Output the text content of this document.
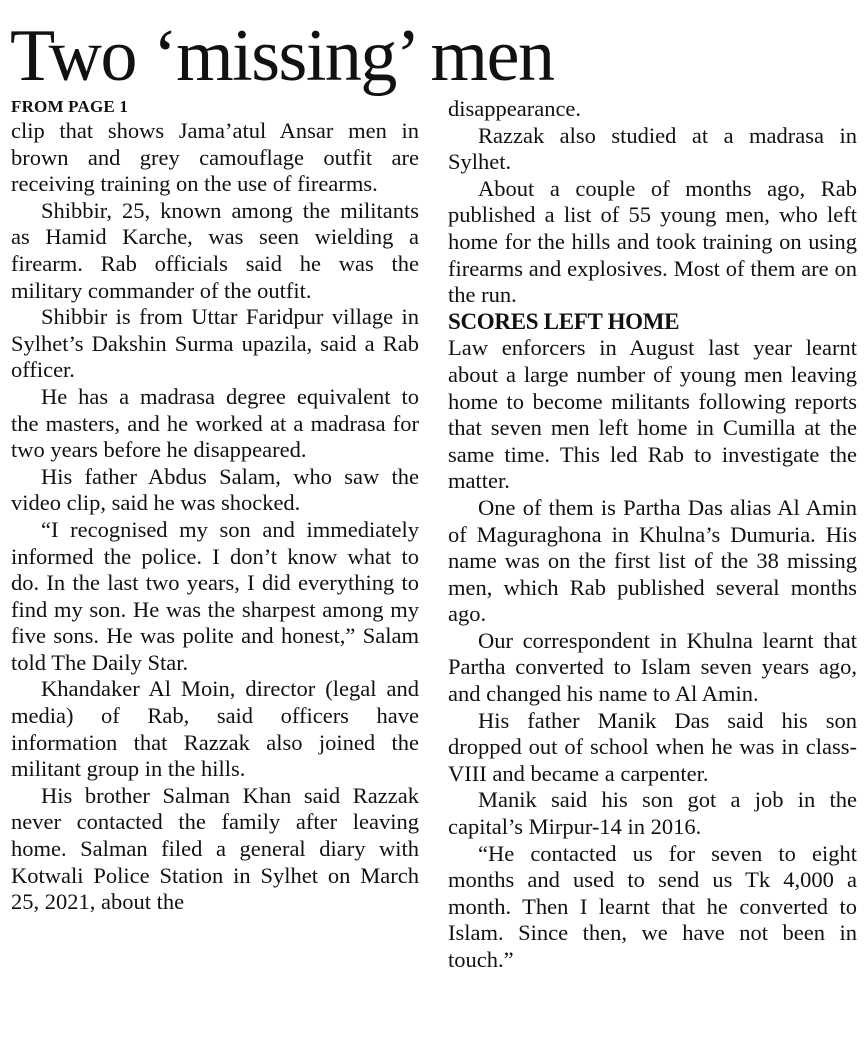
Two ‘missing’ men

FROM PAGE 1

clip that shows Jama’atul Ansar men in brown and grey camouflage outfit are receiving training on the use of firearms.

Shibbir, 25, known among the militants as Hamid Karche, was seen wielding a firearm. Rab officials said he was the military commander of the outfit.

Shibbir is from Uttar Faridpur village in Sylhet’s Dakshin Surma upazila, said a Rab officer.

He has a madrasa degree equivalent to the masters, and he worked at a madrasa for two years before he disappeared.

His father Abdus Salam, who saw the video clip, said he was shocked.

“I recognised my son and immediately informed the police. I don’t know what to do. In the last two years, I did everything to find my son. He was the sharpest among my five sons. He was polite and honest,” Salam told The Daily Star.

Khandaker Al Moin, director (legal and media) of Rab, said officers have information that Razzak also joined the militant group in the hills.

His brother Salman Khan said Razzak never contacted the family after leaving home. Salman filed a general diary with Kotwali Police Station in Sylhet on March 25, 2021, about the

disappearance.

Razzak also studied at a madrasa in Sylhet.

About a couple of months ago, Rab published a list of 55 young men, who left home for the hills and took training on using firearms and explosives. Most of them are on the run.

SCORES LEFT HOME

Law enforcers in August last year learnt about a large number of young men leaving home to become militants following reports that seven men left home in Cumilla at the same time. This led Rab to investigate the matter.

One of them is Partha Das alias Al Amin of Maguraghona in Khulna’s Dumuria. His name was on the first list of the 38 missing men, which Rab published several months ago.

Our correspondent in Khulna learnt that Partha converted to Islam seven years ago, and changed his name to Al Amin.

His father Manik Das said his son dropped out of school when he was in class-VIII and became a carpenter.

Manik said his son got a job in the capital’s Mirpur-14 in 2016.

“He contacted us for seven to eight months and used to send us Tk 4,000 a month. Then I learnt that he converted to Islam. Since then, we have not been in touch.”
